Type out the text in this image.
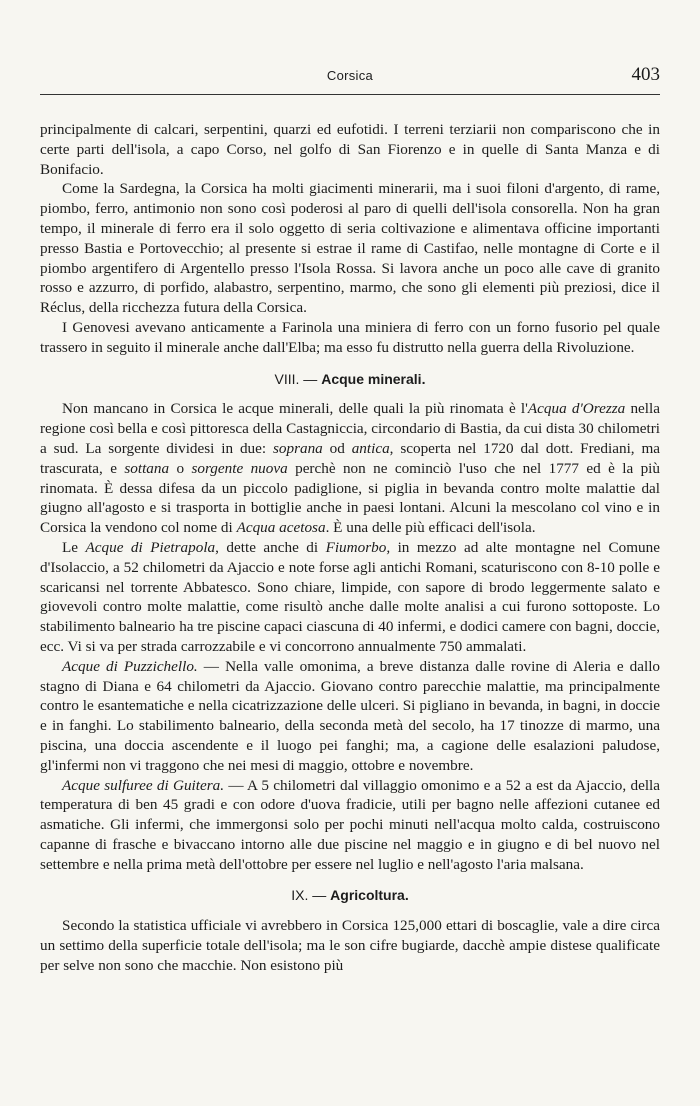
Corsica	403

principalmente di calcari, serpentini, quarzi ed eufotidi. I terreni terziarii non compariscono che in certe parti dell'isola, a capo Corso, nel golfo di San Fiorenzo e in quelle di Santa Manza e di Bonifacio.

Come la Sardegna, la Corsica ha molti giacimenti minerarii, ma i suoi filoni d'argento, di rame, piombo, ferro, antimonio non sono così poderosi al paro di quelli dell'isola consorella. Non ha gran tempo, il minerale di ferro era il solo oggetto di seria coltivazione e alimentava officine importanti presso Bastia e Portovecchio; al presente si estrae il rame di Castifao, nelle montagne di Corte e il piombo argentifero di Argentello presso l'Isola Rossa. Si lavora anche un poco alle cave di granito rosso e azzurro, di porfido, alabastro, serpentino, marmo, che sono gli elementi più preziosi, dice il Réclus, della ricchezza futura della Corsica.

I Genovesi avevano anticamente a Farinola una miniera di ferro con un forno fusorio pel quale trassero in seguito il minerale anche dall'Elba; ma esso fu distrutto nella guerra della Rivoluzione.

VIII. — Acque minerali.

Non mancano in Corsica le acque minerali, delle quali la più rinomata è l'Acqua d'Orezza nella regione così bella e così pittoresca della Castagniccia, circondario di Bastia, da cui dista 30 chilometri a sud. La sorgente dividesi in due: soprana od antica, scoperta nel 1720 dal dott. Frediani, ma trascurata, e sottana o sorgente nuova perchè non ne cominciò l'uso che nel 1777 ed è la più rinomata. È dessa difesa da un piccolo padiglione, si piglia in bevanda contro molte malattie dal giugno all'agosto e si trasporta in bottiglie anche in paesi lontani. Alcuni la mescolano col vino e in Corsica la vendono col nome di Acqua acetosa. È una delle più efficaci dell'isola.

Le Acque di Pietrapola, dette anche di Fiumorbo, in mezzo ad alte montagne nel Comune d'Isolaccio, a 52 chilometri da Ajaccio e note forse agli antichi Romani, scaturiscono con 8-10 polle e scaricansi nel torrente Abbatesco. Sono chiare, limpide, con sapore di brodo leggermente salato e giovevoli contro molte malattie, come risultò anche dalle molte analisi a cui furono sottoposte. Lo stabilimento balneario ha tre piscine capaci ciascuna di 40 infermi, e dodici camere con bagni, doccie, ecc. Vi si va per strada carrozzabile e vi concorrono annualmente 750 ammalati.

Acque di Puzzichello. — Nella valle omonima, a breve distanza dalle rovine di Aleria e dallo stagno di Diana e 64 chilometri da Ajaccio. Giovano contro parecchie malattie, ma principalmente contro le esantematiche e nella cicatrizzazione delle ulceri. Si pigliano in bevanda, in bagni, in doccie e in fanghi. Lo stabilimento balneario, della seconda metà del secolo, ha 17 tinozze di marmo, una piscina, una doccia ascendente e il luogo pei fanghi; ma, a cagione delle esalazioni paludose, gl'infermi non vi traggono che nei mesi di maggio, ottobre e novembre.

Acque sulfuree di Guitera. — A 5 chilometri dal villaggio omonimo e a 52 a est da Ajaccio, della temperatura di ben 45 gradi e con odore d'uova fradicie, utili per bagno nelle affezioni cutanee ed asmatiche. Gli infermi, che immergonsi solo per pochi minuti nell'acqua molto calda, costruiscono capanne di frasche e bivaccano intorno alle due piscine nel maggio e in giugno e di bel nuovo nel settembre e nella prima metà dell'ottobre per essere nel luglio e nell'agosto l'aria malsana.

IX. — Agricoltura.

Secondo la statistica ufficiale vi avrebbero in Corsica 125,000 ettari di boscaglie, vale a dire circa un settimo della superficie totale dell'isola; ma le son cifre bugiarde, dacchè ampie distese qualificate per selve non sono che macchie. Non esistono più
